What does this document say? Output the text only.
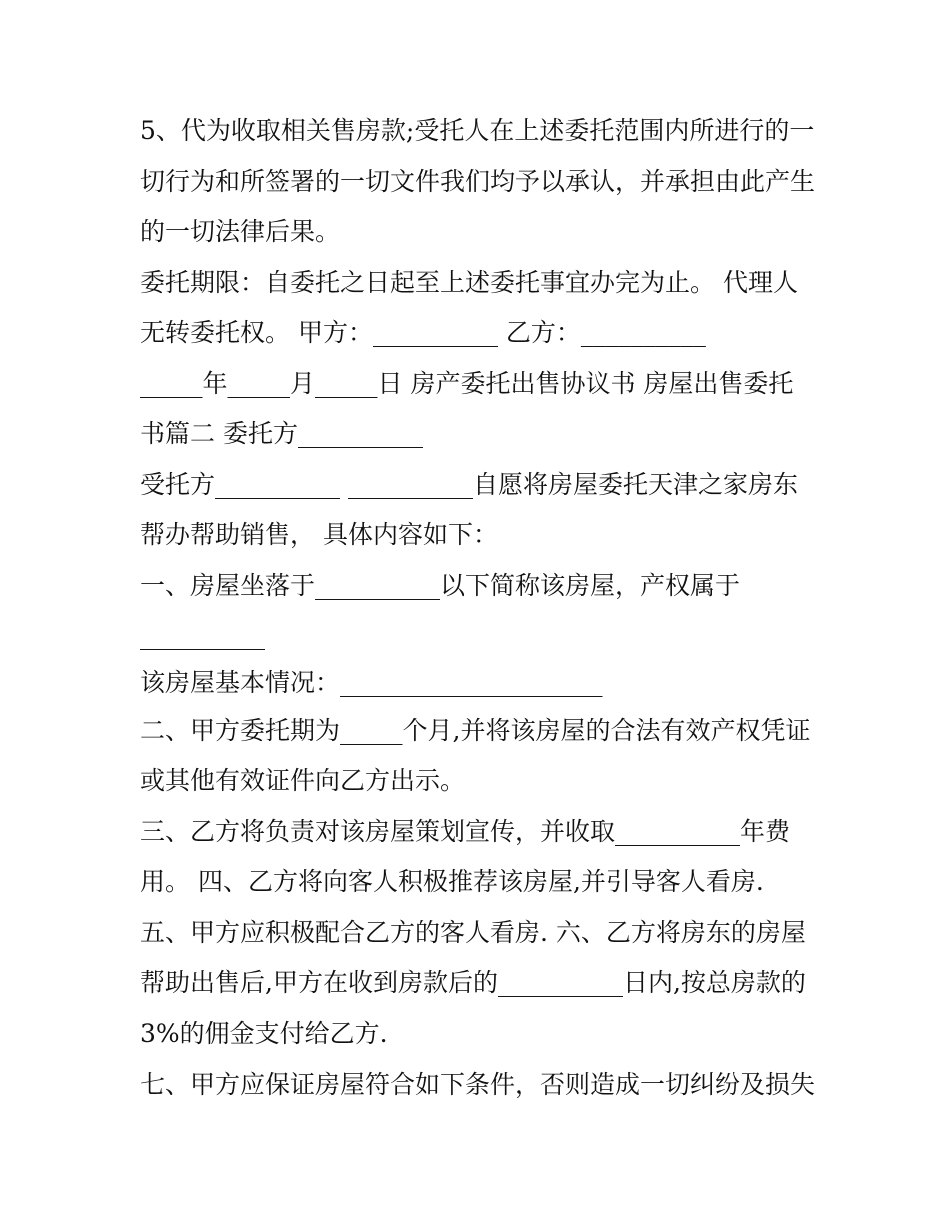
5、代为收取相关售房款;受托人在上述委托范围内所进行的一
切行为和所签署的一切文件我们均予以承认，并承担由此产生
的一切法律后果。
委托期限：自委托之日起至上述委托事宜办完为止。 代理人
无转委托权。 甲方：__________ 乙方：__________
_____年_____月_____日 房产委托出售协议书 房屋出售委托
书篇二 委托方__________
受托方__________ __________自愿将房屋委托天津之家房东
帮办帮助销售， 具体内容如下：
一、房屋坐落于__________以下简称该房屋，产权属于
__________
该房屋基本情况：_____________________
二、甲方委托期为_____个月,并将该房屋的合法有效产权凭证
或其他有效证件向乙方出示。
三、乙方将负责对该房屋策划宣传，并收取__________年费
用。 四、乙方将向客人积极推荐该房屋,并引导客人看房.
五、甲方应积极配合乙方的客人看房. 六、乙方将房东的房屋
帮助出售后,甲方在收到房款后的__________日内,按总房款的
3%的佣金支付给乙方.
七、甲方应保证房屋符合如下条件，否则造成一切纠纷及损失
